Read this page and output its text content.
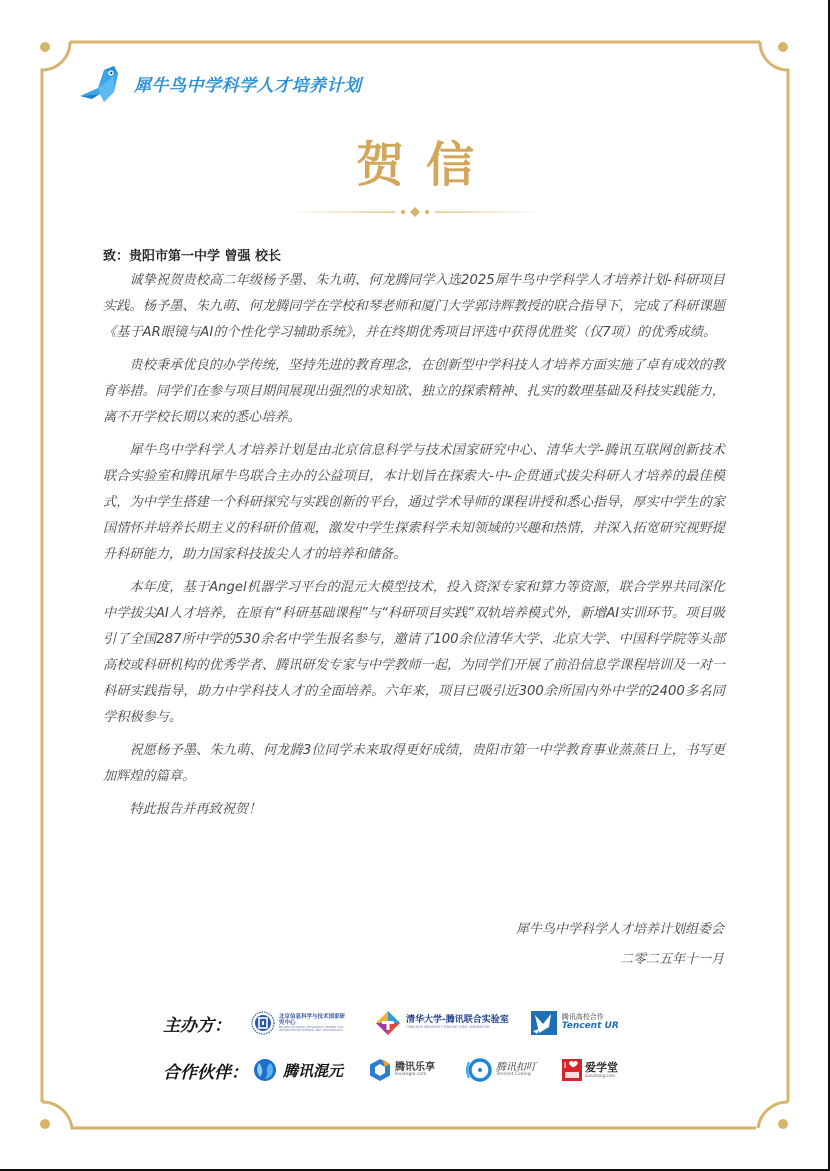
犀牛鸟中学科学人才培养计划
贺信
致：贵阳市第一中学 曾强 校长

诚挚祝贺贵校高二年级杨予墨、朱九萌、何龙腾同学入选2025犀牛鸟中学科学人才培养计划-科研项目实践。杨予墨、朱九萌、何龙腾同学在学校和琴老师和厦门大学郭诗辉教授的联合指导下，完成了科研课题《基于AR眼镜与AI的个性化学习辅助系统》，并在终期优秀项目评选中获得优胜奖（仅7项）的优秀成绩。

贵校秉承优良的办学传统，坚持先进的教育理念，在创新型中学科技人才培养方面实施了卓有成效的教育举措。同学们在参与项目期间展现出强烈的求知欲、独立的探索精神、扎实的数理基础及科技实践能力，离不开学校长期以来的悉心培养。

犀牛鸟中学科学人才培养计划是由北京信息科学与技术国家研究中心、清华大学-腾讯互联网创新技术联合实验室和腾讯犀牛鸟联合主办的公益项目，本计划旨在探索大-中-企贯通式拔尖科研人才培养的最佳模式，为中学生搭建一个科研探究与实践创新的平台，通过学术导师的课程讲授和悉心指导，厚实中学生的家国情怀并培养长期主义的科研价值观，激发中学生探索科学未知领域的兴趣和热情，并深入拓宽研究视野提升科研能力，助力国家科技拔尖人才的培养和储备。

本年度，基于Angel机器学习平台的混元大模型技术，投入资深专家和算力等资源，联合学界共同深化中学拔尖AI人才培养，在原有“科研基础课程”与“科研项目实践”双轨培养模式外，新增AI实训环节。项目吸引了全国287所中学的530余名中学生报名参与，邀请了100余位清华大学、北京大学、中国科学院等头部高校或科研机构的优秀学者、腾讯研发专家与中学教师一起，为同学们开展了前沿信息学课程培训及一对一科研实践指导，助力中学科技人才的全面培养。六年来，项目已吸引近300余所国内外中学的2400多名同学积极参与。

祝愿杨予墨、朱九萌、何龙腾3位同学未来取得更好成绩，贵阳市第一中学教育事业蒸蒸日上，书写更加辉煌的篇章。

特此报告并再致祝贺！

犀牛鸟中学科学人才培养计划组委会
二零二五年十一月
主办方：	北京信息科学与技术国家研究中心
BEIJING NATIONAL RESEARCH CENTER FOR INFORMATION SCIENCE AND TECHNOLOGY
清华大学-腾讯联合实验室
TSINGHUA UNIVERSITY-TENCENT JOINT LABORATORY
腾讯高校合作
Tencent UR
合作伙伴：	腾讯混元	腾讯乐享
lexiangla.com
腾讯扣叮
Tencent Coding
I 爱学堂
aixuetang.com
